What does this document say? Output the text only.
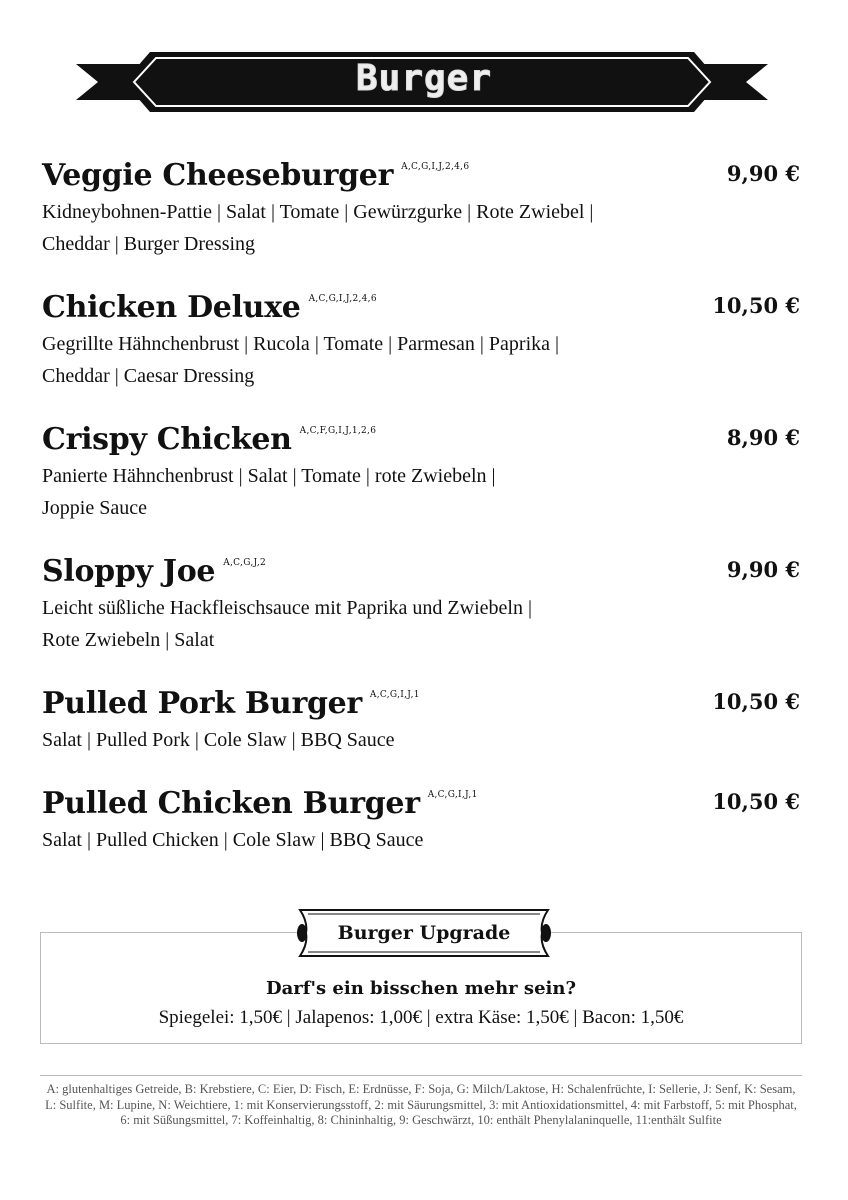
Burger
Veggie Cheeseburger $^{A,C,G,I,J,2,4,6}$	9,90 €
Kidneybohnen-Pattie | Salat | Tomate | Gewürzgurke | Rote Zwiebel |
Cheddar | Burger Dressing
Chicken Deluxe $^{A,C,G,I,J,2,4,6}$	10,50 €
Gegrillte Hähnchenbrust | Rucola | Tomate | Parmesan | Paprika |
Cheddar | Caesar Dressing
Crispy Chicken $^{A,C,F,G,I,J,1,2,6}$	8,90 €
Panierte Hähnchenbrust | Salat | Tomate | rote Zwiebeln |
Joppie Sauce
Sloppy Joe $^{A,C,G,J,2}$	9,90 €
Leicht süßliche Hackfleischsauce mit Paprika und Zwiebeln |
Rote Zwiebeln | Salat
Pulled Pork Burger $^{A,C,G,I,J,1}$	10,50 €
Salat | Pulled Pork | Cole Slaw | BBQ Sauce
Pulled Chicken Burger $^{A,C,G,I,J,1}$	10,50 €
Salat | Pulled Chicken | Cole Slaw | BBQ Sauce
Burger Upgrade
Darf's ein bisschen mehr sein?
Spiegelei: 1,50€ | Jalapenos: 1,00€ | extra Käse: 1,50€ | Bacon: 1,50€
A: glutenhaltiges Getreide, B: Krebstiere, C: Eier, D: Fisch, E: Erdnüsse, F: Soja, G: Milch/Laktose, H: Schalenfrüchte, I: Sellerie, J: Senf, K: Sesam, L: Sulfite, M: Lupine, N: Weichtiere, 1: mit Konservierungsstoff, 2: mit Säurungsmittel, 3: mit Antioxidationsmittel, 4: mit Farbstoff, 5: mit Phosphat, 6: mit Süßungsmittel, 7: Koffeinhaltig, 8: Chininhaltig, 9: Geschwärzt, 10: enthält Phenylalaninquelle, 11:enthält Sulfite
